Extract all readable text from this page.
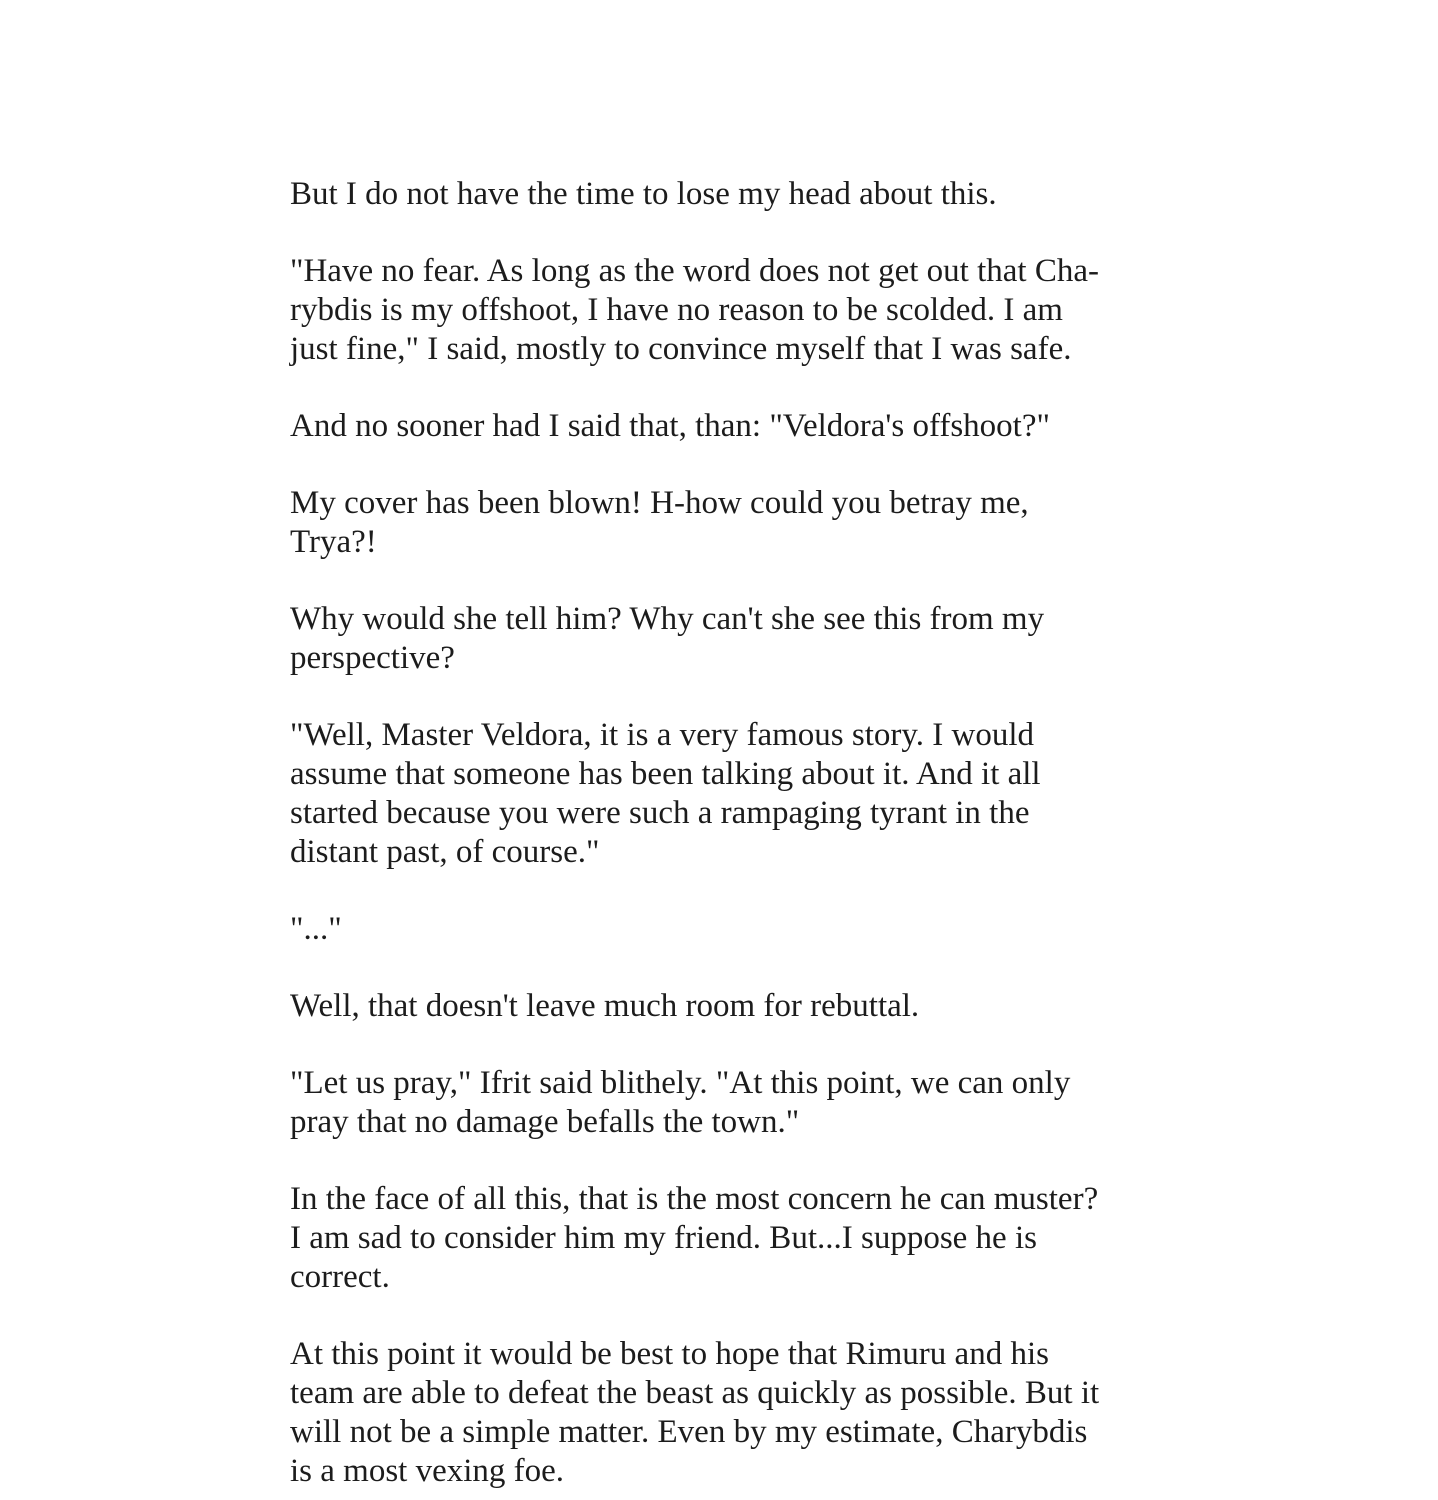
But I do not have the time to lose my head about this.

"Have no fear. As long as the word does not get out that Cha-
rybdis is my offshoot, I have no reason to be scolded. I am
just fine," I said, mostly to convince myself that I was safe.

And no sooner had I said that, than: "Veldora's offshoot?"

My cover has been blown! H-how could you betray me,
Trya?!

Why would she tell him? Why can't she see this from my
perspective?

"Well, Master Veldora, it is a very famous story. I would
assume that someone has been talking about it. And it all
started because you were such a rampaging tyrant in the
distant past, of course."

"..."

Well, that doesn't leave much room for rebuttal.

"Let us pray," Ifrit said blithely. "At this point, we can only
pray that no damage befalls the town."

In the face of all this, that is the most concern he can muster?
I am sad to consider him my friend. But...I suppose he is
correct.

At this point it would be best to hope that Rimuru and his
team are able to defeat the beast as quickly as possible. But it
will not be a simple matter. Even by my estimate, Charybdis
is a most vexing foe.
